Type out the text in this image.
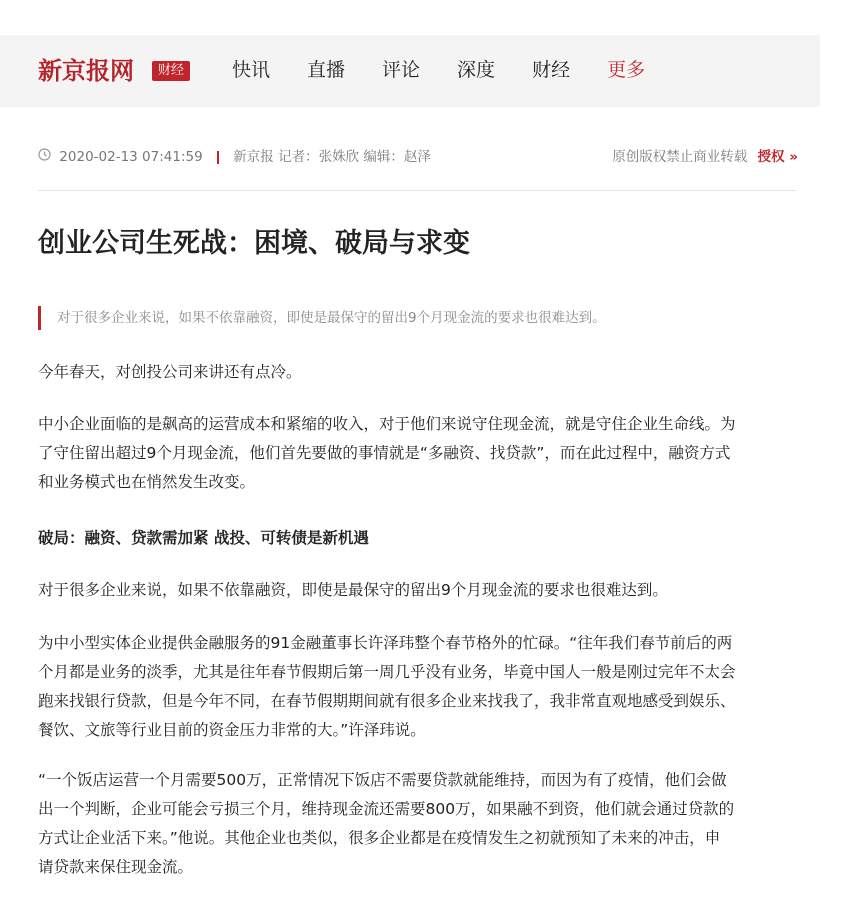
新京报网	财经	快讯 直播 评论 深度 财经 更多
2020-02-13 07:41:59 新京报 记者：张姝欣 编辑：赵泽	原创版权禁止商业转载 授权 »
创业公司生死战：困境、破局与求变
对于很多企业来说，如果不依靠融资，即使是最保守的留出9个月现金流的要求也很难达到。
今年春天，对创投公司来讲还有点冷。
中小企业面临的是飙高的运营成本和紧缩的收入，对于他们来说守住现金流，就是守住企业生命线。为
了守住留出超过9个月现金流，他们首先要做的事情就是“多融资、找贷款”，而在此过程中，融资方式
和业务模式也在悄然发生改变。
破局：融资、贷款需加紧 战投、可转债是新机遇
对于很多企业来说，如果不依靠融资，即使是最保守的留出9个月现金流的要求也很难达到。
为中小型实体企业提供金融服务的91金融董事长许泽玮整个春节格外的忙碌。“往年我们春节前后的两
个月都是业务的淡季，尤其是往年春节假期后第一周几乎没有业务，毕竟中国人一般是刚过完年不太会
跑来找银行贷款，但是今年不同，在春节假期期间就有很多企业来找我了，我非常直观地感受到娱乐、
餐饮、文旅等行业目前的资金压力非常的大。”许泽玮说。
“一个饭店运营一个月需要500万，正常情况下饭店不需要贷款就能维持，而因为有了疫情，他们会做
出一个判断，企业可能会亏损三个月，维持现金流还需要800万，如果融不到资，他们就会通过贷款的
方式让企业活下来。”他说。其他企业也类似，很多企业都是在疫情发生之初就预知了未来的冲击，申
请贷款来保住现金流。
